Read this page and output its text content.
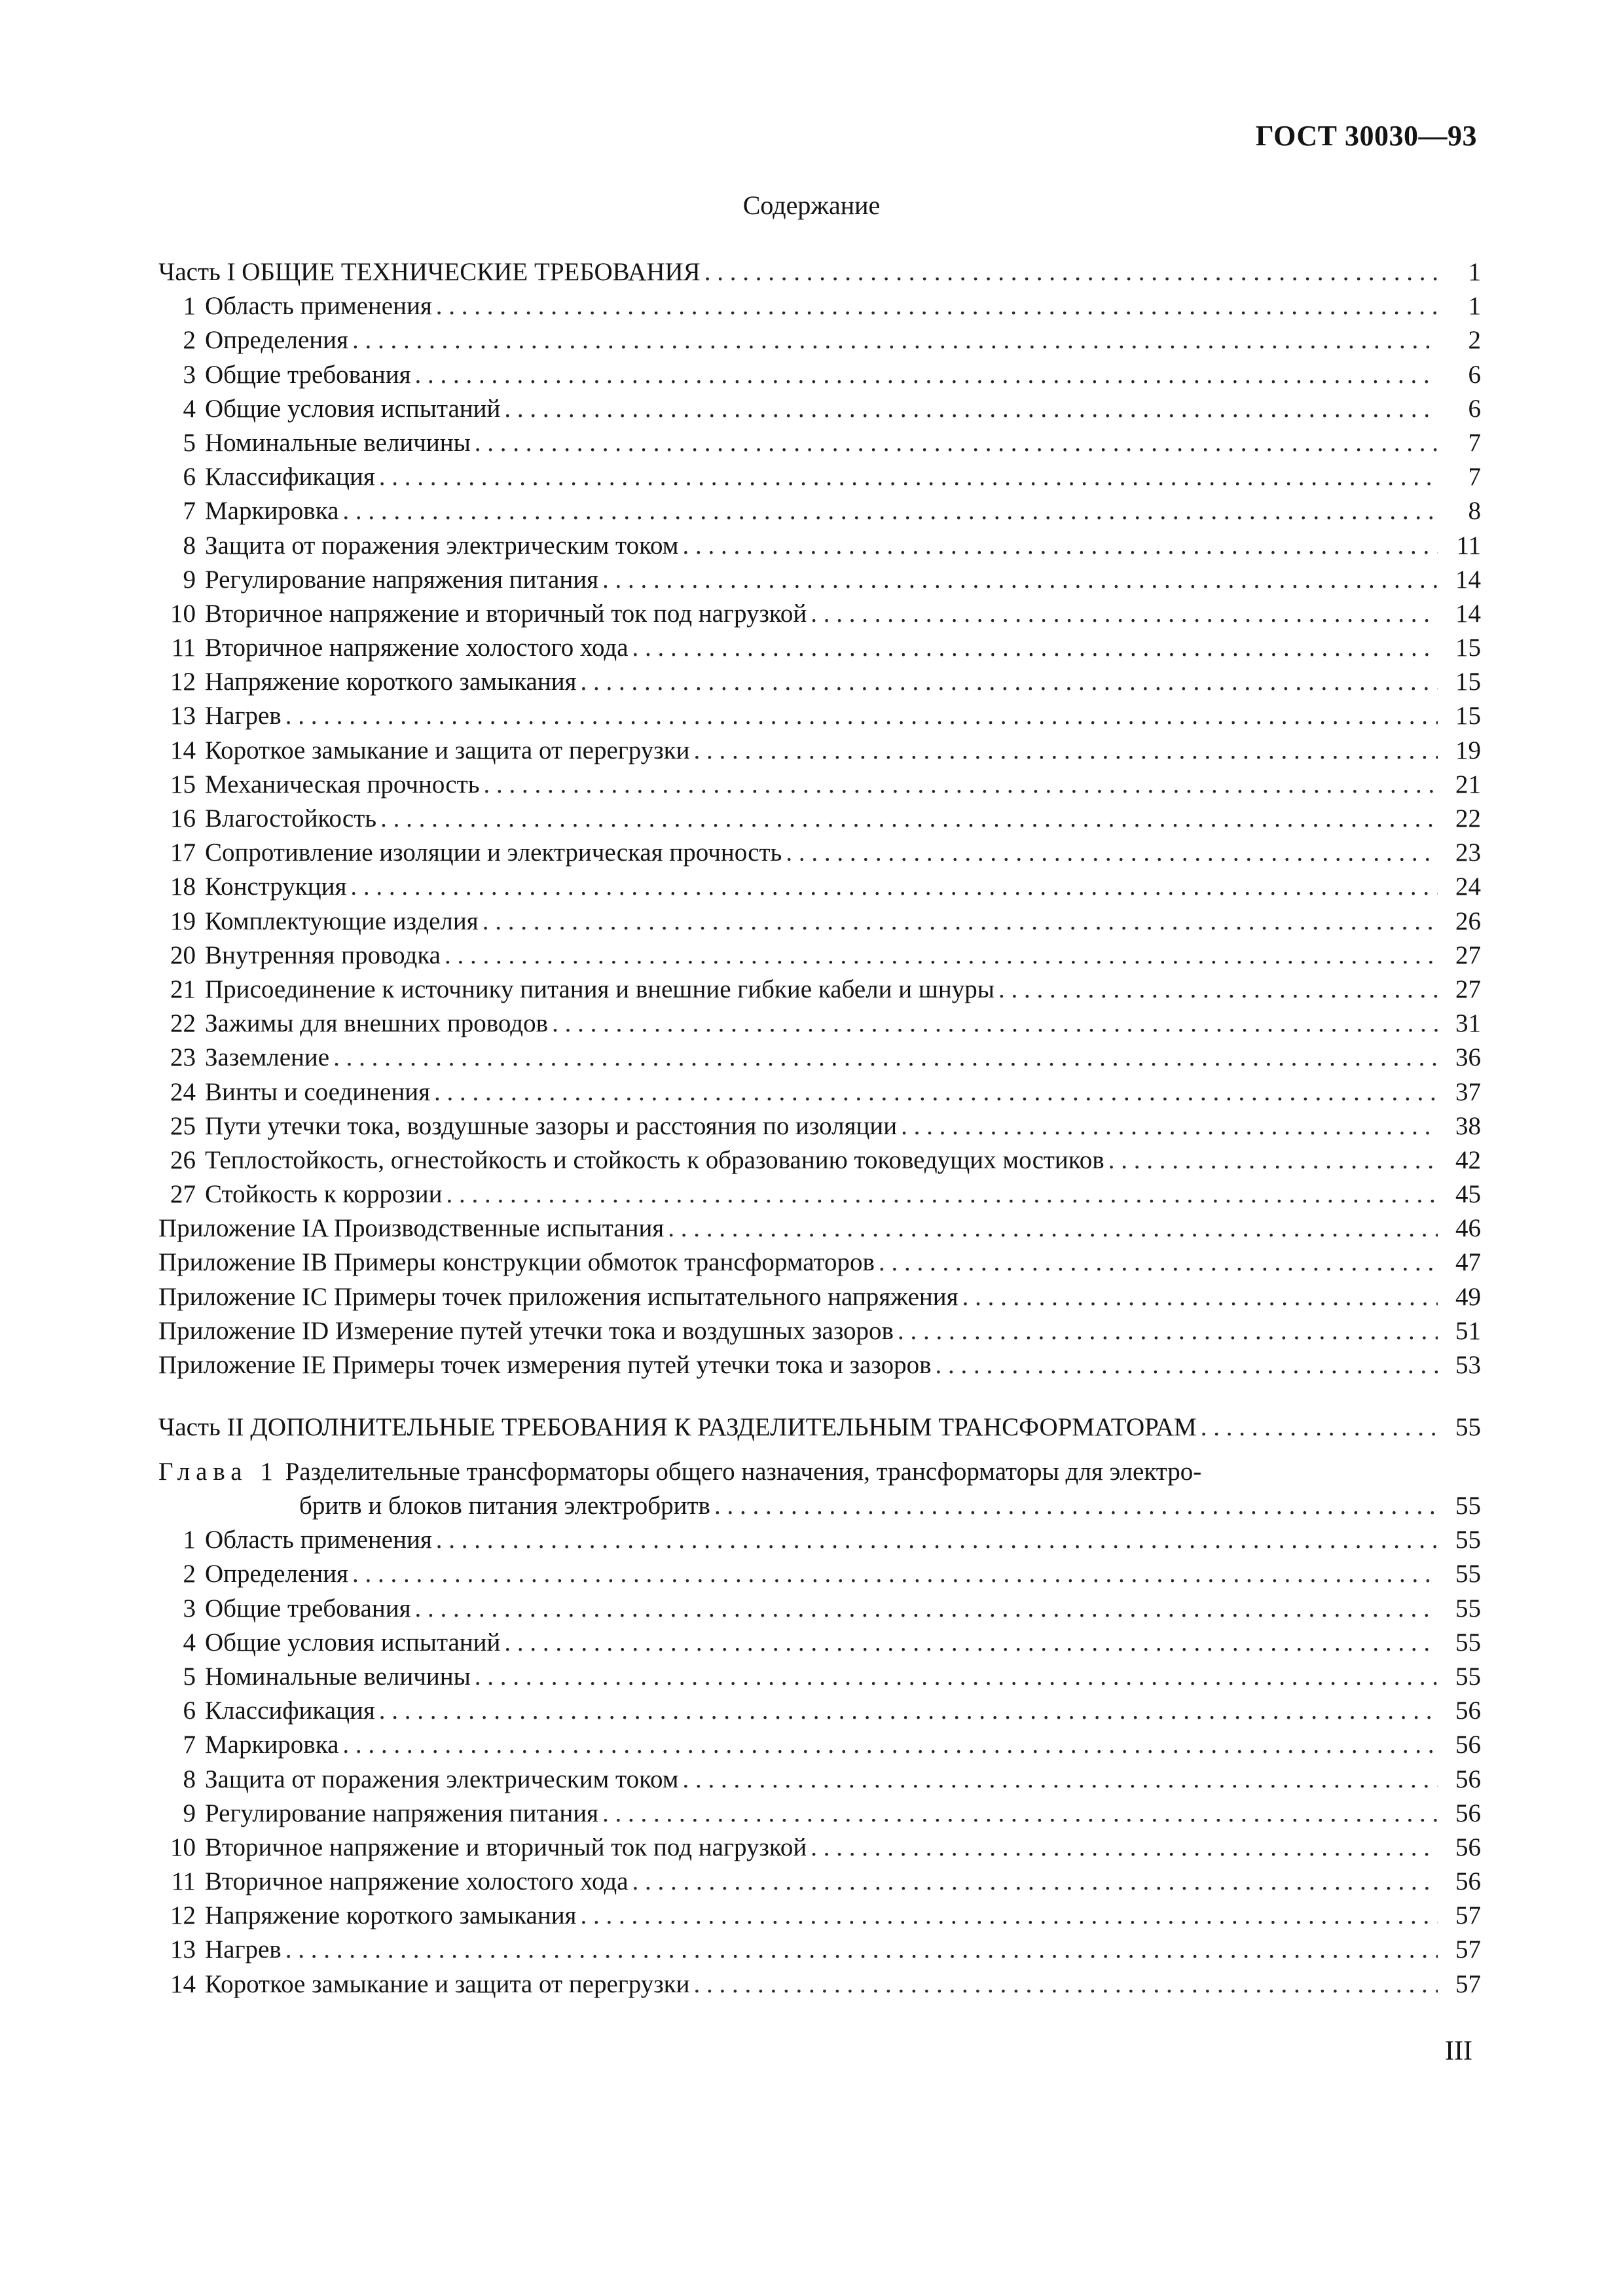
ГОСТ 30030—93
Содержание
Часть I ОБЩИЕ ТЕХНИЧЕСКИЕ ТРЕБОВАНИЯ . . .	1
1 Область применения . . .	1
2 Определения . . .	2
3 Общие требования . . .	6
4 Общие условия испытаний . . .	6
5 Номинальные величины . . .	7
6 Классификация . . .	7
7 Маркировка . . .	8
8 Защита от поражения электрическим током . . .	11
9 Регулирование напряжения питания . . .	14
10 Вторичное напряжение и вторичный ток под нагрузкой . . .	14
11 Вторичное напряжение холостого хода . . .	15
12 Напряжение короткого замыкания . . .	15
13 Нагрев . . .	15
14 Короткое замыкание и защита от перегрузки . . .	19
15 Механическая прочность . . .	21
16 Влагостойкость . . .	22
17 Сопротивление изоляции и электрическая прочность . . .	23
18 Конструкция . . .	24
19 Комплектующие изделия . . .	26
20 Внутренняя проводка . . .	27
21 Присоединение к источнику питания и внешние гибкие кабели и шнуры . . .	27
22 Зажимы для внешних проводов . . .	31
23 Заземление . . .	36
24 Винты и соединения . . .	37
25 Пути утечки тока, воздушные зазоры и расстояния по изоляции . . .	38
26 Теплостойкость, огнестойкость и стойкость к образованию токоведущих мостиков . . .	42
27 Стойкость к коррозии . . .	45
Приложение IA Производственные испытания . . .	46
Приложение IB Примеры конструкции обмоток трансформаторов . . .	47
Приложение IC Примеры точек приложения испытательного напряжения . . .	49
Приложение ID Измерение путей утечки тока и воздушных зазоров . . .	51
Приложение IE Примеры точек измерения путей утечки тока и зазоров . . .	53
Часть II ДОПОЛНИТЕЛЬНЫЕ ТРЕБОВАНИЯ К РАЗДЕЛИТЕЛЬНЫМ ТРАНСФОРМАТОРАМ . . .	55
Глава 1 Разделительные трансформаторы общего назначения, трансформаторы для электро-
бритв и блоков питания электробритв . . .	55
1 Область применения . . .	55
2 Определения . . .	55
3 Общие требования . . .	55
4 Общие условия испытаний . . .	55
5 Номинальные величины . . .	55
6 Классификация . . .	56
7 Маркировка . . .	56
8 Защита от поражения электрическим током . . .	56
9 Регулирование напряжения питания . . .	56
10 Вторичное напряжение и вторичный ток под нагрузкой . . .	56
11 Вторичное напряжение холостого хода . . .	56
12 Напряжение короткого замыкания . . .	57
13 Нагрев . . .	57
14 Короткое замыкание и защита от перегрузки . . .	57
III
